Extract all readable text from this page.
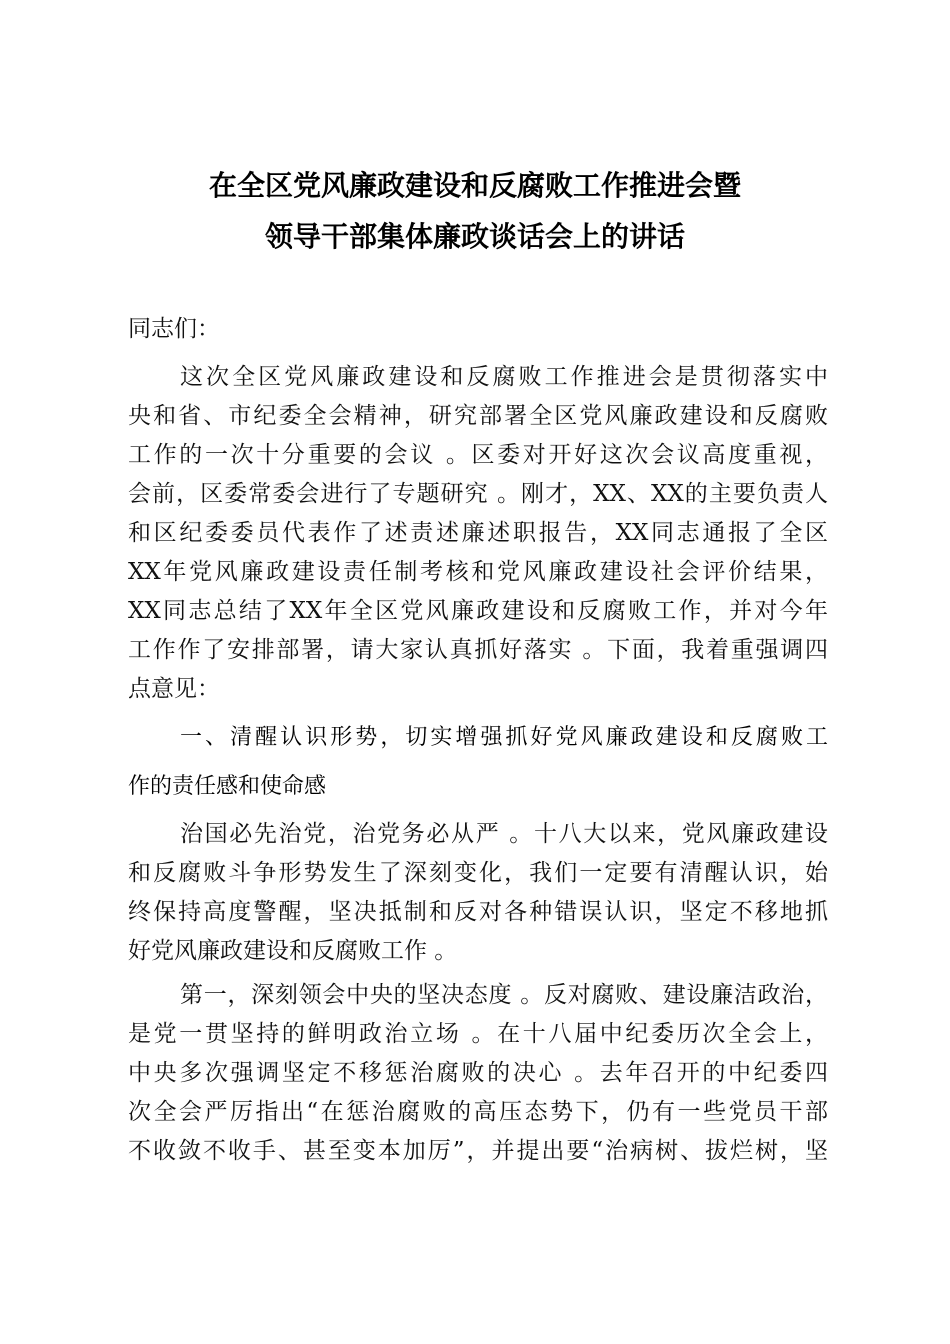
在全区党风廉政建设和反腐败工作推进会暨
领导干部集体廉政谈话会上的讲话
同志们：
这次全区党风廉政建设和反腐败工作推进会是贯彻落实中
央和省、市纪委全会精神，研究部署全区党风廉政建设和反腐败
工作的一次十分重要的会议 。区委对开好这次会议高度重视，
会前，区委常委会进行了专题研究 。刚才，XX、XX的主要负责人
和区纪委委员代表作了述责述廉述职报告，XX同志通报了全区
XX年党风廉政建设责任制考核和党风廉政建设社会评价结果，
XX同志总结了XX年全区党风廉政建设和反腐败工作，并对今年
工作作了安排部署，请大家认真抓好落实 。下面，我着重强调四
点意见：
一、清醒认识形势，切实增强抓好党风廉政建设和反腐败工
作的责任感和使命感
治国必先治党，治党务必从严 。十八大以来，党风廉政建设
和反腐败斗争形势发生了深刻变化，我们一定要有清醒认识，始
终保持高度警醒，坚决抵制和反对各种错误认识，坚定不移地抓
好党风廉政建设和反腐败工作 。
第一，深刻领会中央的坚决态度 。反对腐败、建设廉洁政治，
是党一贯坚持的鲜明政治立场 。在十八届中纪委历次全会上，
中央多次强调坚定不移惩治腐败的决心 。去年召开的中纪委四
次全会严厉指出“在惩治腐败的高压态势下，仍有一些党员干部
不收敛不收手、甚至变本加厉”，并提出要“治病树、拔烂树，坚
